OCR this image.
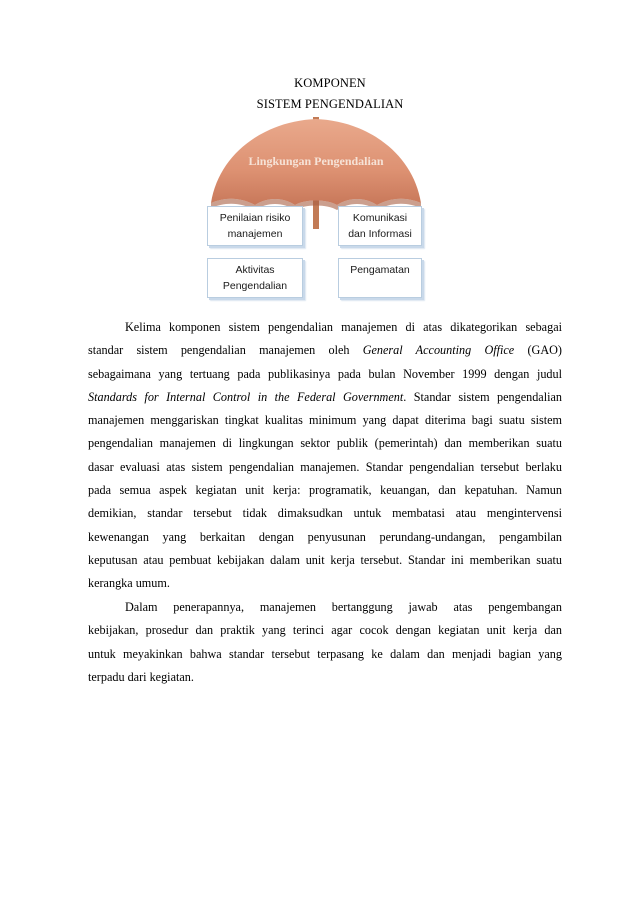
KOMPONEN
SISTEM PENGENDALIAN
Lingkungan Pengendalian
Penilaian risiko
manajemen
Komunikasi
dan Informasi
Aktivitas
Pengendalian
Pengamatan
Kelima komponen sistem pengendalian manajemen di atas dikategorikan sebagai
standar sistem pengendalian manajemen oleh General Accounting Office (GAO)
sebagaimana yang tertuang pada publikasinya pada bulan November 1999 dengan judul
Standards for Internal Control in the Federal Government. Standar sistem pengendalian
manajemen menggariskan tingkat kualitas minimum yang dapat diterima bagi suatu sistem
pengendalian manajemen di lingkungan sektor publik (pemerintah) dan memberikan suatu
dasar evaluasi atas sistem pengendalian manajemen. Standar pengendalian tersebut berlaku
pada semua aspek kegiatan unit kerja: programatik, keuangan, dan kepatuhan. Namun
demikian, standar tersebut tidak dimaksudkan untuk membatasi atau mengintervensi
kewenangan yang berkaitan dengan penyusunan perundang-undangan, pengambilan
keputusan atau pembuat kebijakan dalam unit kerja tersebut. Standar ini memberikan suatu
kerangka umum.
Dalam penerapannya, manajemen bertanggung jawab atas pengembangan
kebijakan, prosedur dan praktik yang terinci agar cocok dengan kegiatan unit kerja dan
untuk meyakinkan bahwa standar tersebut terpasang ke dalam dan menjadi bagian yang
terpadu dari kegiatan.
